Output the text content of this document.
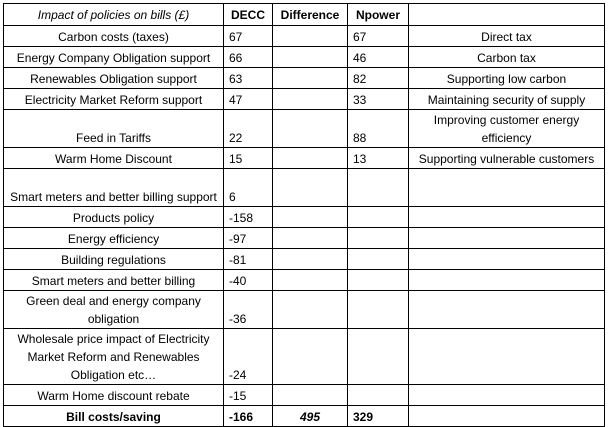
Impact of policies on bills (£)	DECC	Difference	Npower	
Carbon costs (taxes)	67		67	Direct tax
Energy Company Obligation support	66		46	Carbon tax
Renewables Obligation support	63		82	Supporting low carbon
Electricity Market Reform support	47		33	Maintaining security of supply
Feed in Tariffs	22		88	Improving customer energy efficiency
Warm Home Discount	15		13	Supporting vulnerable customers
Smart meters and better billing support	6			
Products policy	-158			
Energy efficiency	-97			
Building regulations	-81			
Smart meters and better billing	-40			
Green deal and energy company obligation	-36			
Wholesale price impact of Electricity Market Reform and Renewables Obligation etc…	-24			
Warm Home discount rebate	-15			
Bill costs/saving	-166	495	329	
